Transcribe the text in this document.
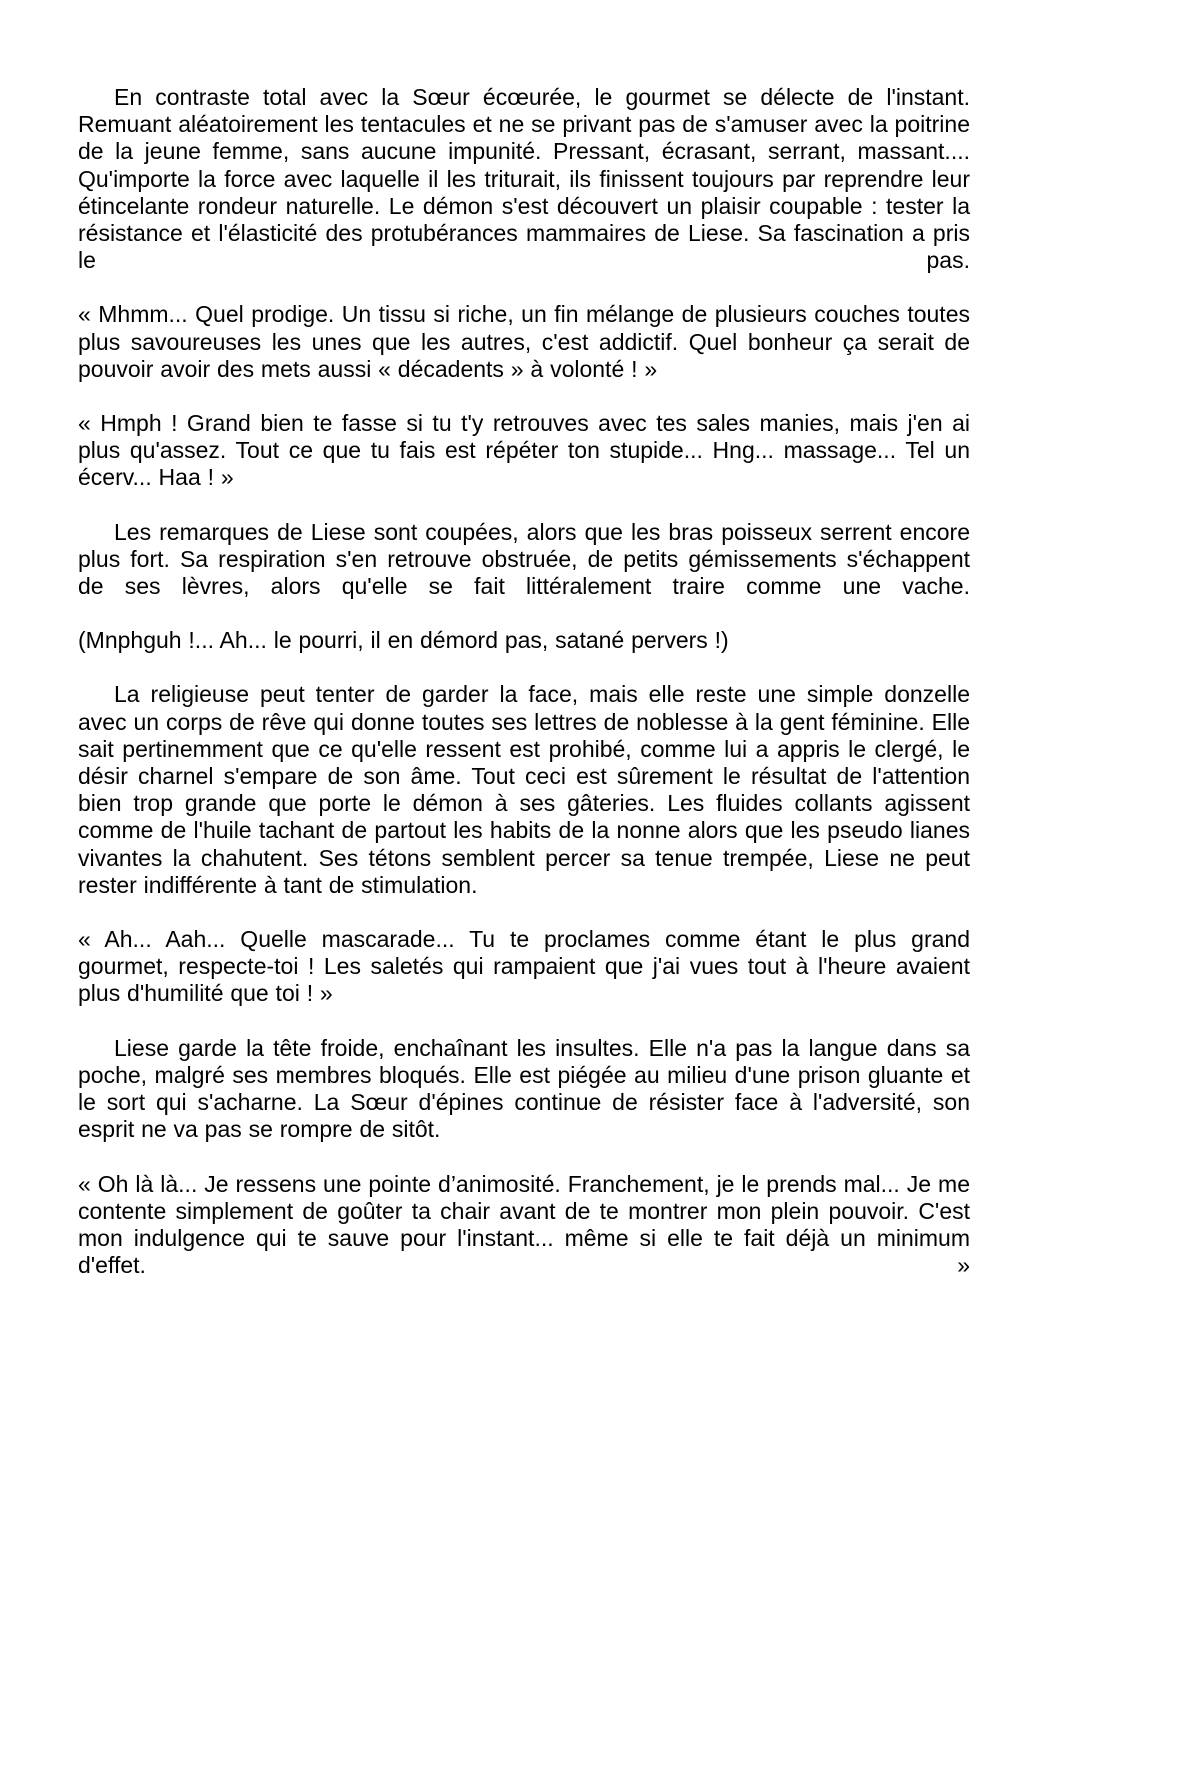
En contraste total avec la Sœur écœurée, le gourmet se délecte de l'instant. Remuant aléatoirement les tentacules et ne se privant pas de s'amuser avec la poitrine de la jeune femme, sans aucune impunité. Pressant, écrasant, serrant, massant.... Qu'importe la force avec laquelle il les triturait, ils finissent toujours par reprendre leur étincelante rondeur naturelle. Le démon s'est découvert un plaisir coupable : tester la résistance et l'élasticité des protubérances mammaires de Liese. Sa fascination a pris le pas.

« Mhmm... Quel prodige. Un tissu si riche, un fin mélange de plusieurs couches toutes plus savoureuses les unes que les autres, c'est addictif. Quel bonheur ça serait de pouvoir avoir des mets aussi « décadents » à volonté ! »

« Hmph ! Grand bien te fasse si tu t'y retrouves avec tes sales manies, mais j'en ai plus qu'assez. Tout ce que tu fais est répéter ton stupide... Hng... massage... Tel un écerv... Haa ! »

Les remarques de Liese sont coupées, alors que les bras poisseux serrent encore plus fort. Sa respiration s'en retrouve obstruée, de petits gémissements s'échappent de ses lèvres, alors qu'elle se fait littéralement traire comme une vache.

(Mnphguh !... Ah... le pourri, il en démord pas, satané pervers !)

La religieuse peut tenter de garder la face, mais elle reste une simple donzelle avec un corps de rêve qui donne toutes ses lettres de noblesse à la gent féminine. Elle sait pertinemment que ce qu'elle ressent est prohibé, comme lui a appris le clergé, le désir charnel s'empare de son âme. Tout ceci est sûrement le résultat de l'attention bien trop grande que porte le démon à ses gâteries. Les fluides collants agissent comme de l'huile tachant de partout les habits de la nonne alors que les pseudo lianes vivantes la chahutent. Ses tétons semblent percer sa tenue trempée, Liese ne peut rester indifférente à tant de stimulation.

« Ah... Aah... Quelle mascarade... Tu te proclames comme étant le plus grand gourmet, respecte-toi ! Les saletés qui rampaient que j'ai vues tout à l'heure avaient plus d'humilité que toi ! »

Liese garde la tête froide, enchaînant les insultes. Elle n'a pas la langue dans sa poche, malgré ses membres bloqués. Elle est piégée au milieu d'une prison gluante et le sort qui s'acharne. La Sœur d'épines continue de résister face à l'adversité, son esprit ne va pas se rompre de sitôt.

« Oh là là... Je ressens une pointe d’animosité. Franchement, je le prends mal... Je me contente simplement de goûter ta chair avant de te montrer mon plein pouvoir. C'est mon indulgence qui te sauve pour l'instant... même si elle te fait déjà un minimum d'effet. »
